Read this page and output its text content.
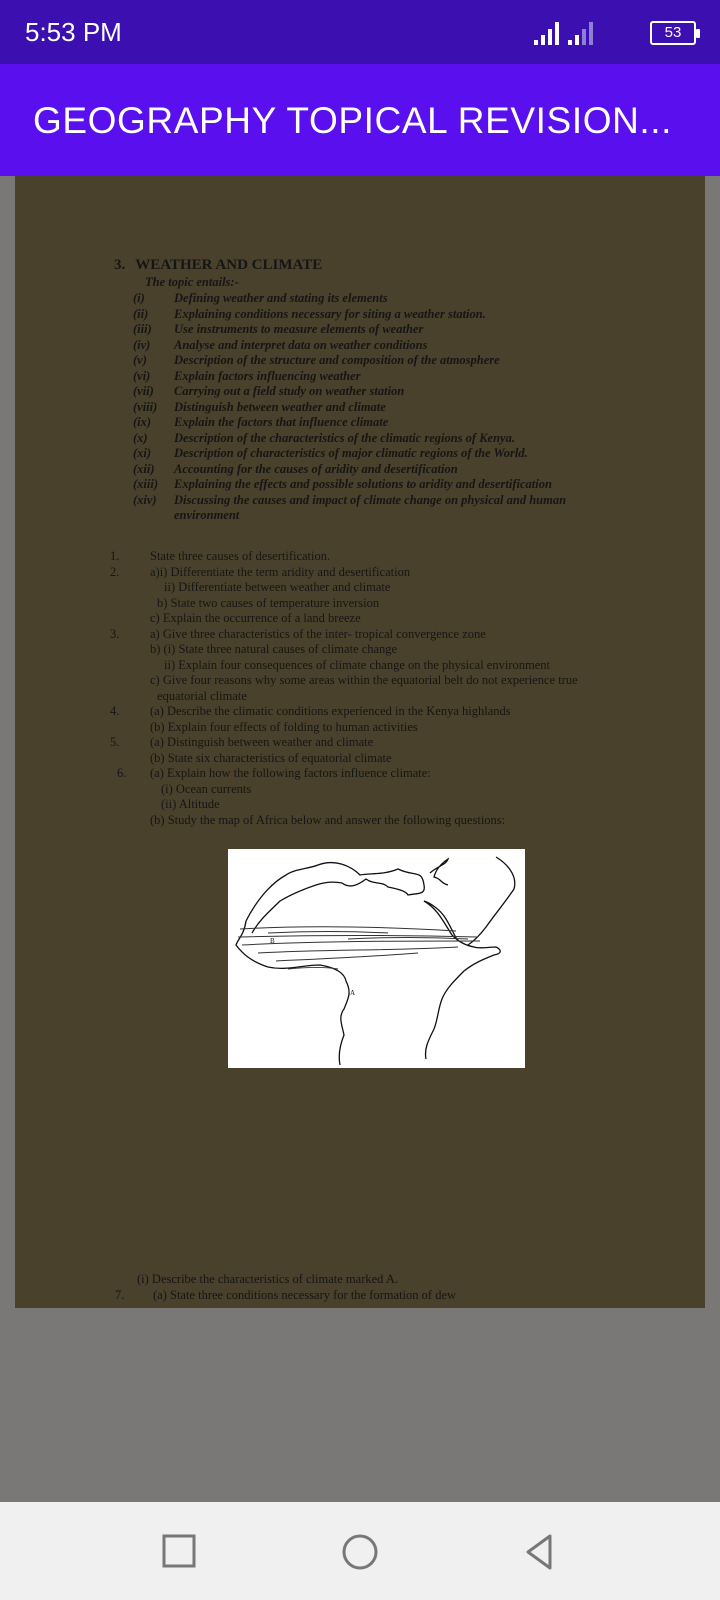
5:53 PM	53
GEOGRAPHY TOPICAL REVISION...
3. WEATHER AND CLIMATE
The topic entails:-
(i)	Defining weather and stating its elements
(ii)	Explaining conditions necessary for siting a weather station.
(iii)	Use instruments to measure elements of weather
(iv)	Analyse and interpret data on weather conditions
(v)	Description of the structure and composition of the atmosphere
(vi)	Explain factors influencing weather
(vii)	Carrying out a field study on weather station
(viii)	Distinguish between weather and climate
(ix)	Explain the factors that influence climate
(x)	Description of the characteristics of the climatic regions of Kenya.
(xi)	Description of characteristics of major climatic regions of the World.
(xii)	Accounting for the causes of aridity and desertification
(xiii)	Explaining the effects and possible solutions to aridity and desertification
(xiv)	Discussing the causes and impact of climate change on physical and human
environment
1. State three causes of desertification.
2. a)i) Differentiate the term aridity and desertification
ii) Differentiate between weather and climate
b) State two causes of temperature inversion
c) Explain the occurrence of a land breeze
3. a) Give three characteristics of the inter- tropical convergence zone
b) (i) State three natural causes of climate change
ii) Explain four consequences of climate change on the physical environment
c) Give four reasons why some areas within the equatorial belt do not experience true
equatorial climate
4. (a) Describe the climatic conditions experienced in the Kenya highlands
(b) Explain four effects of folding to human activities
5. (a) Distinguish between weather and climate
(b) State six characteristics of equatorial climate
6. (a) Explain how the following factors influence climate:
(i) Ocean currents
(ii) Altitude
(b) Study the map of Africa below and answer the following questions:
B
A
(i) Describe the characteristics of climate marked A.
7. (a) State three conditions necessary for the formation of dew
